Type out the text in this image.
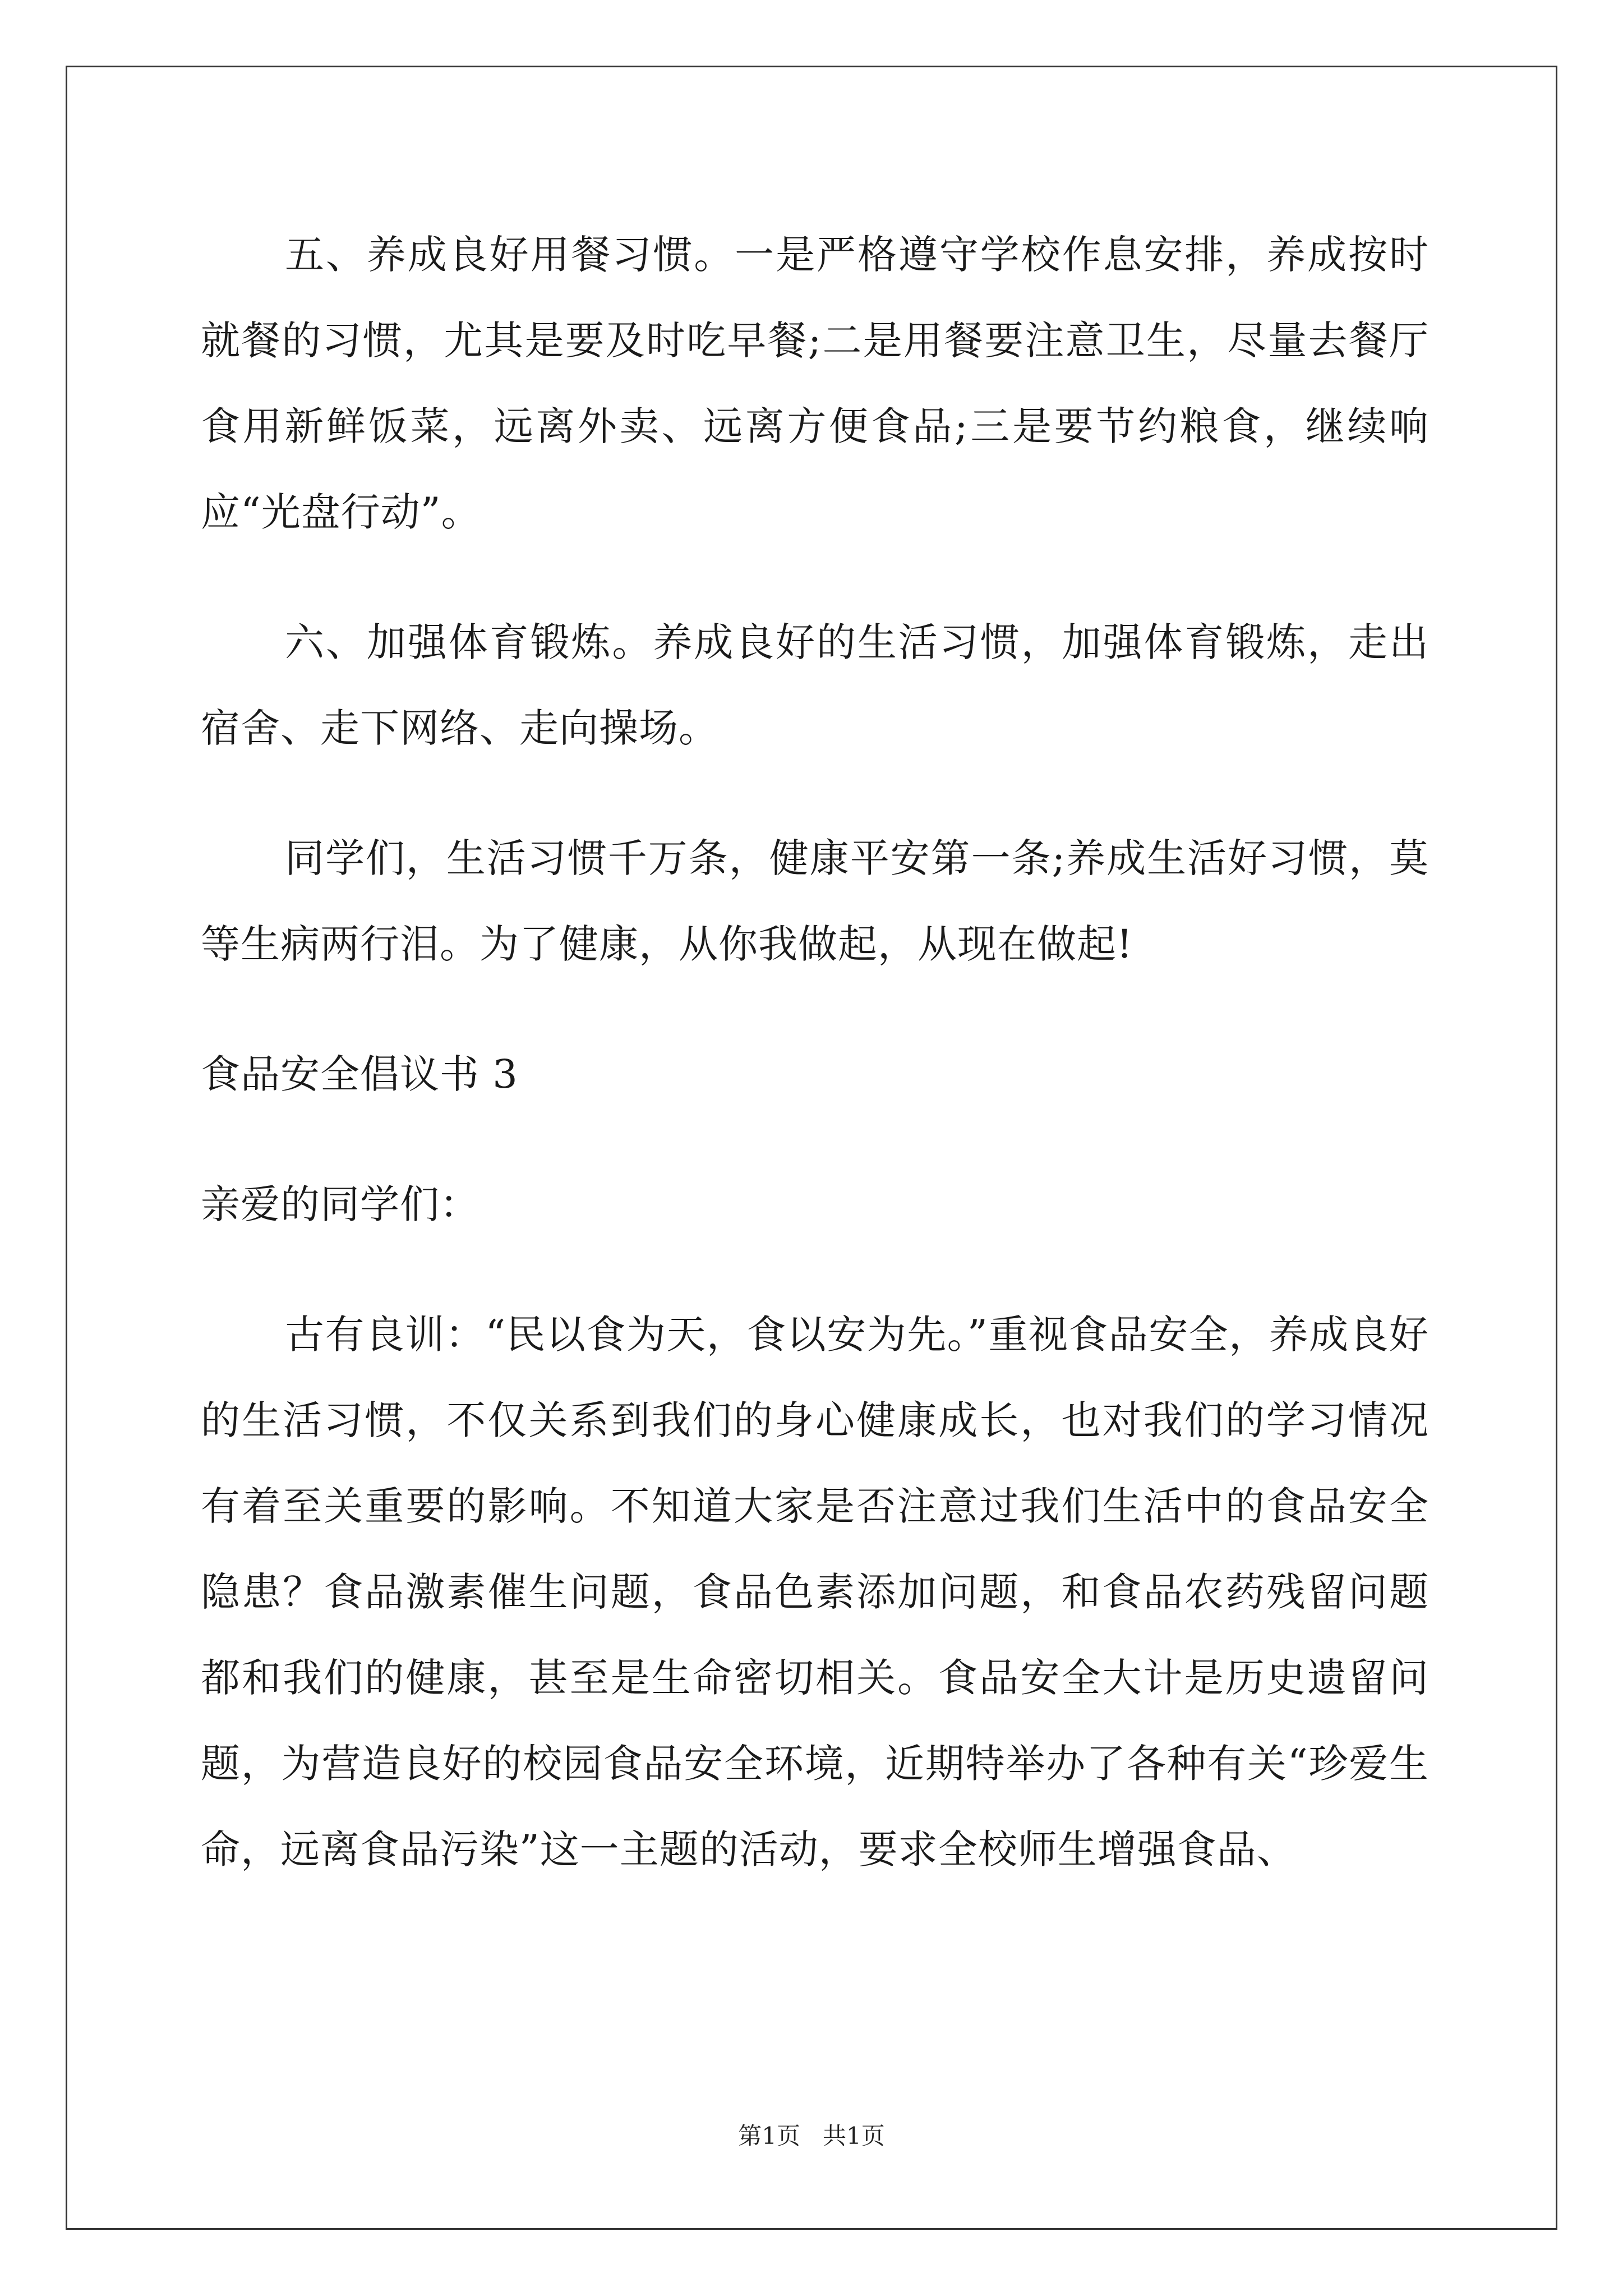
五、养成良好用餐习惯。一是严格遵守学校作息安排，养成按时就餐的习惯，尤其是要及时吃早餐;二是用餐要注意卫生，尽量去餐厅食用新鲜饭菜，远离外卖、远离方便食品;三是要节约粮食，继续响应“光盘行动”。

六、加强体育锻炼。养成良好的生活习惯，加强体育锻炼，走出宿舍、走下网络、走向操场。

同学们，生活习惯千万条，健康平安第一条;养成生活好习惯，莫等生病两行泪。为了健康，从你我做起，从现在做起!

食品安全倡议书 3

亲爱的同学们：

古有良训：“民以食为天，食以安为先。”重视食品安全，养成良好的生活习惯，不仅关系到我们的身心健康成长，也对我们的学习情况有着至关重要的影响。不知道大家是否注意过我们生活中的食品安全隐患？食品激素催生问题，食品色素添加问题，和食品农药残留问题都和我们的健康，甚至是生命密切相关。食品安全大计是历史遗留问题，为营造良好的校园食品安全环境，近期特举办了各种有关“珍爱生命，远离食品污染”这一主题的活动，要求全校师生增强食品、

第1页 共1页
